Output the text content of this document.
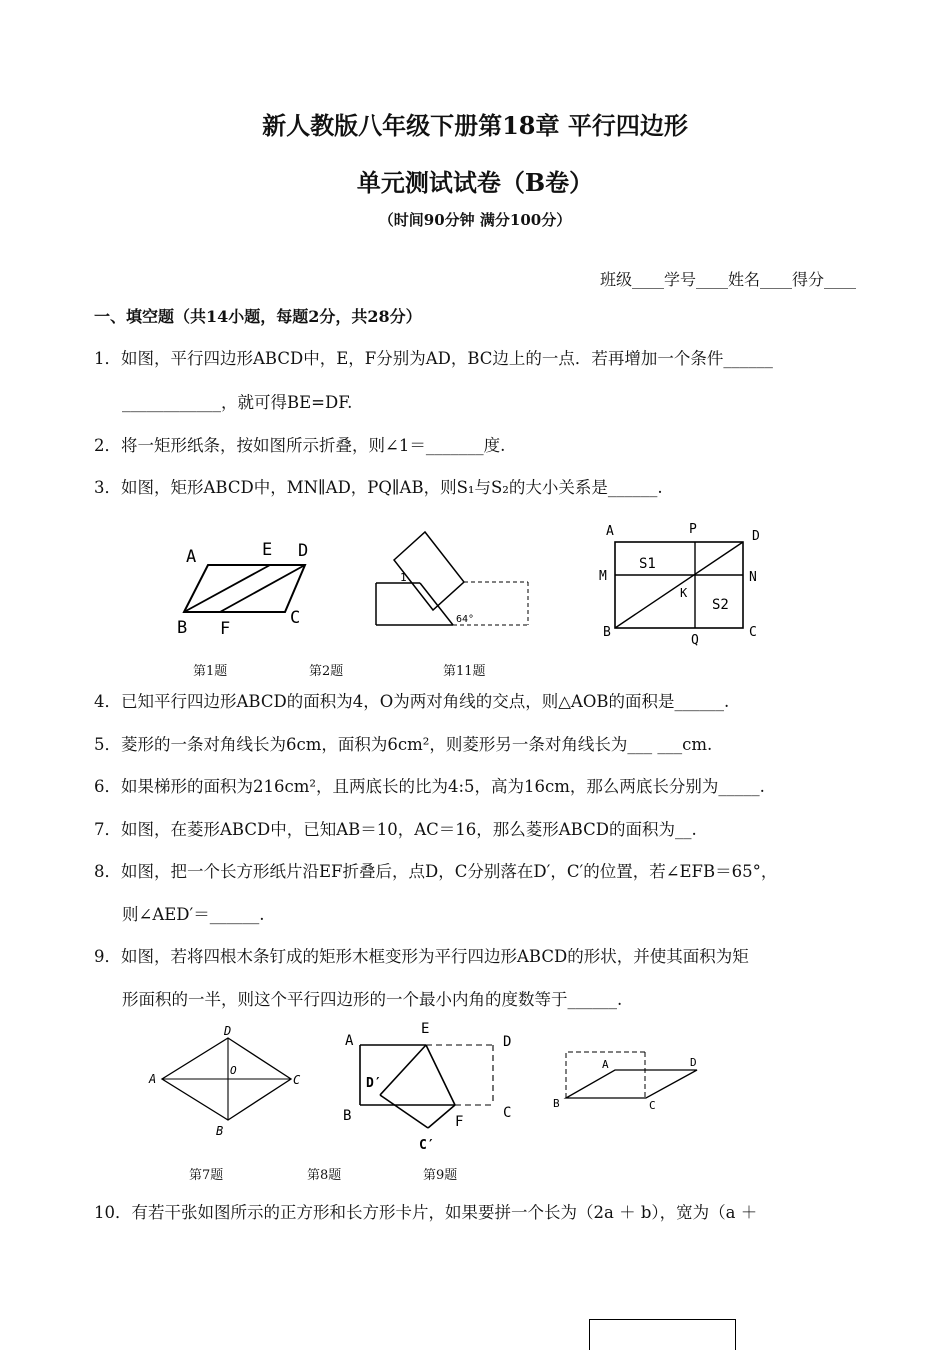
新人教版八年级下册第18章 平行四边形
单元测试试卷（B卷）
（时间90分钟 满分100分）
班级____学号____姓名____得分____
一、填空题（共14小题，每题2分，共28分）
1．如图，平行四边形ABCD中，E，F分别为AD，BC边上的一点．若再增加一个条件______
____________，就可得BE=DF.
2．将一矩形纸条，按如图所示折叠，则∠1＝_______度.
3．如图，矩形ABCD中，MN∥AD，PQ∥AB，则S₁与S₂的大小关系是______.
A	E D
B F
C
1
64°
A	P	D
M	N
S1
S2
K
B
Q
C
第1题	第2题	第11题
4．已知平行四边形ABCD的面积为4，O为两对角线的交点，则△AOB的面积是______.
5．菱形的一条对角线长为6cm，面积为6cm²，则菱形另一条对角线长为___ ___cm.
6．如果梯形的面积为216cm²，且两底长的比为4:5，高为16cm，那么两底长分别为_____.
7．如图，在菱形ABCD中，已知AB＝10，AC＝16，那么菱形ABCD的面积为__.
8．如图，把一个长方形纸片沿EF折叠后，点D，C分别落在D′，C′的位置，若∠EFB＝65°，
则∠AED′＝______.
9．如图，若将四根木条钉成的矩形木框变形为平行四边形ABCD的形状，并使其面积为矩
形面积的一半，则这个平行四边形的一个最小内角的度数等于______.
D
A
O
C
B
A
E
D
D′
B	F
C
C′
A	D
B	C
第7题	第8题	第9题
10．有若干张如图所示的正方形和长方形卡片，如果要拼一个长为（2a ＋ b），宽为（a ＋
